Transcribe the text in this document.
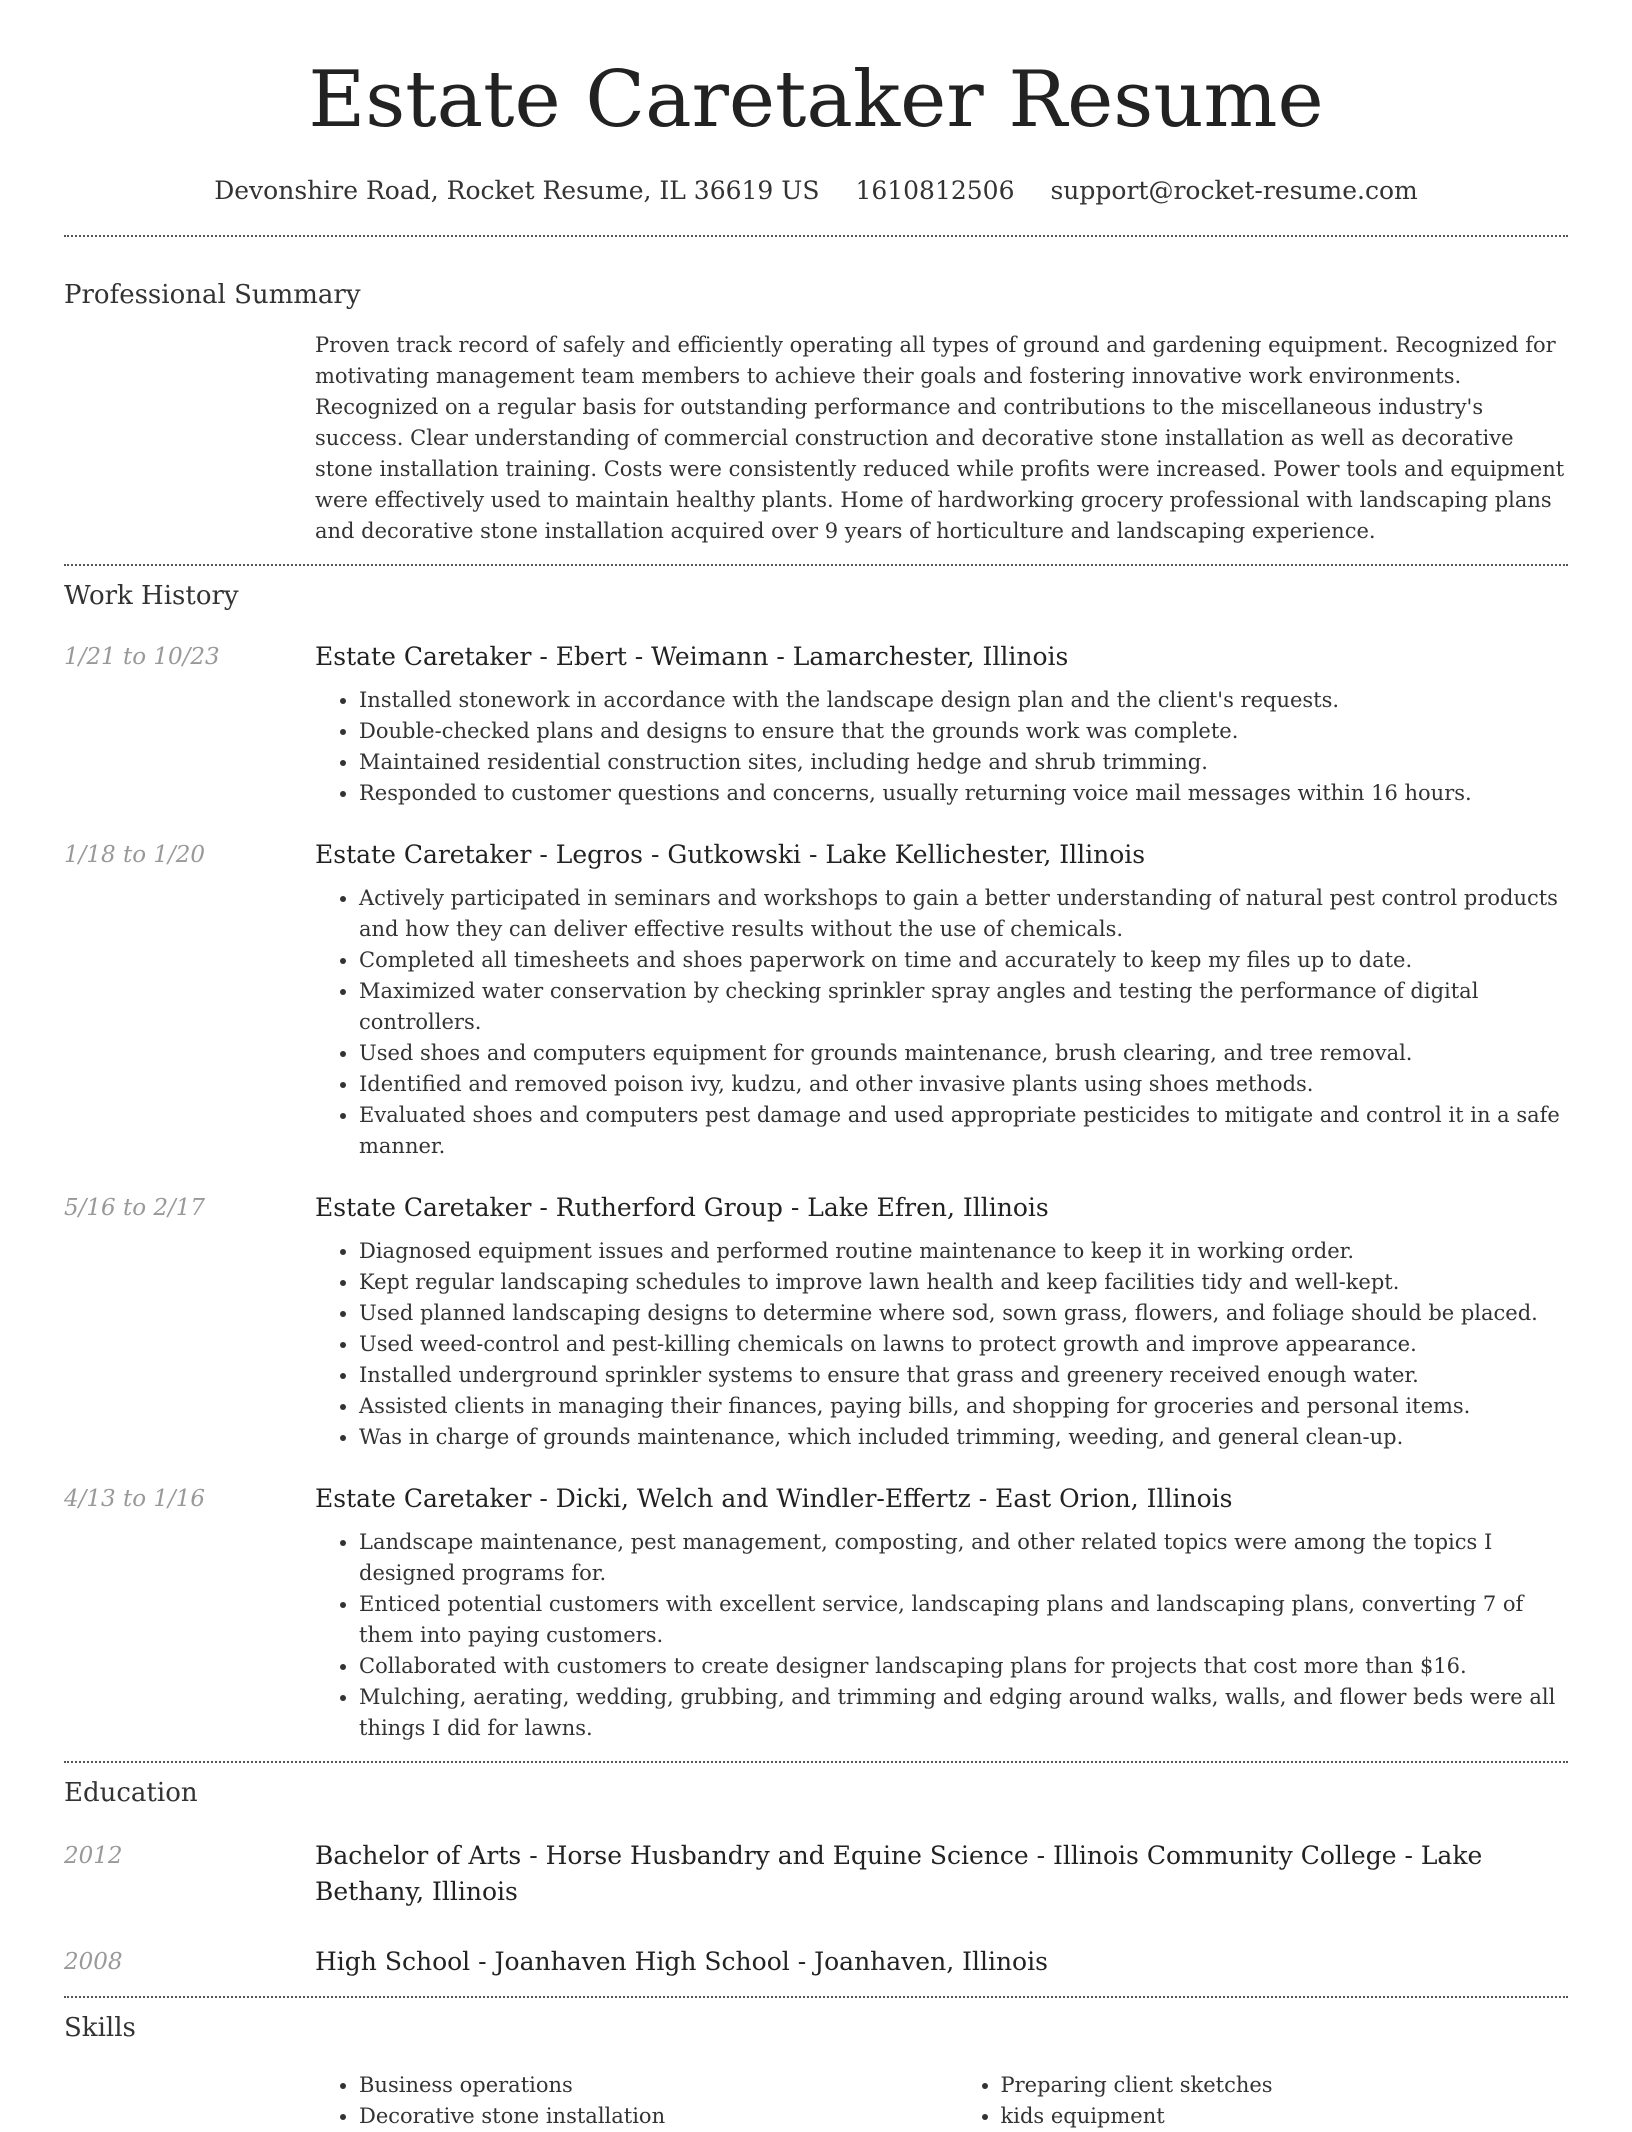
Estate Caretaker Resume
Devonshire Road, Rocket Resume, IL 36619 US 1610812506 support@rocket-resume.com
Professional Summary
Proven track record of safely and efficiently operating all types of ground and gardening equipment. Recognized for motivating management team members to achieve their goals and fostering innovative work environments. Recognized on a regular basis for outstanding performance and contributions to the miscellaneous industry's success. Clear understanding of commercial construction and decorative stone installation as well as decorative stone installation training. Costs were consistently reduced while profits were increased. Power tools and equipment were effectively used to maintain healthy plants. Home of hardworking grocery professional with landscaping plans and decorative stone installation acquired over 9 years of horticulture and landscaping experience.
Work History
1/21 to 10/23	Estate Caretaker - Ebert - Weimann - Lamarchester, Illinois
• Installed stonework in accordance with the landscape design plan and the client's requests.
• Double-checked plans and designs to ensure that the grounds work was complete.
• Maintained residential construction sites, including hedge and shrub trimming.
• Responded to customer questions and concerns, usually returning voice mail messages within 16 hours.
1/18 to 1/20	Estate Caretaker - Legros - Gutkowski - Lake Kellichester, Illinois
• Actively participated in seminars and workshops to gain a better understanding of natural pest control products and how they can deliver effective results without the use of chemicals.
• Completed all timesheets and shoes paperwork on time and accurately to keep my files up to date.
• Maximized water conservation by checking sprinkler spray angles and testing the performance of digital controllers.
• Used shoes and computers equipment for grounds maintenance, brush clearing, and tree removal.
• Identified and removed poison ivy, kudzu, and other invasive plants using shoes methods.
• Evaluated shoes and computers pest damage and used appropriate pesticides to mitigate and control it in a safe manner.
5/16 to 2/17	Estate Caretaker - Rutherford Group - Lake Efren, Illinois
• Diagnosed equipment issues and performed routine maintenance to keep it in working order.
• Kept regular landscaping schedules to improve lawn health and keep facilities tidy and well-kept.
• Used planned landscaping designs to determine where sod, sown grass, flowers, and foliage should be placed.
• Used weed-control and pest-killing chemicals on lawns to protect growth and improve appearance.
• Installed underground sprinkler systems to ensure that grass and greenery received enough water.
• Assisted clients in managing their finances, paying bills, and shopping for groceries and personal items.
• Was in charge of grounds maintenance, which included trimming, weeding, and general clean-up.
4/13 to 1/16	Estate Caretaker - Dicki, Welch and Windler-Effertz - East Orion, Illinois
• Landscape maintenance, pest management, composting, and other related topics were among the topics I designed programs for.
• Enticed potential customers with excellent service, landscaping plans and landscaping plans, converting 7 of them into paying customers.
• Collaborated with customers to create designer landscaping plans for projects that cost more than $16.
• Mulching, aerating, wedding, grubbing, and trimming and edging around walks, walls, and flower beds were all things I did for lawns.
Education
2012	Bachelor of Arts - Horse Husbandry and Equine Science - Illinois Community College - Lake Bethany, Illinois
2008	High School - Joanhaven High School - Joanhaven, Illinois
Skills
• Business operations
• Decorative stone installation
• Preparing client sketches
• kids equipment
